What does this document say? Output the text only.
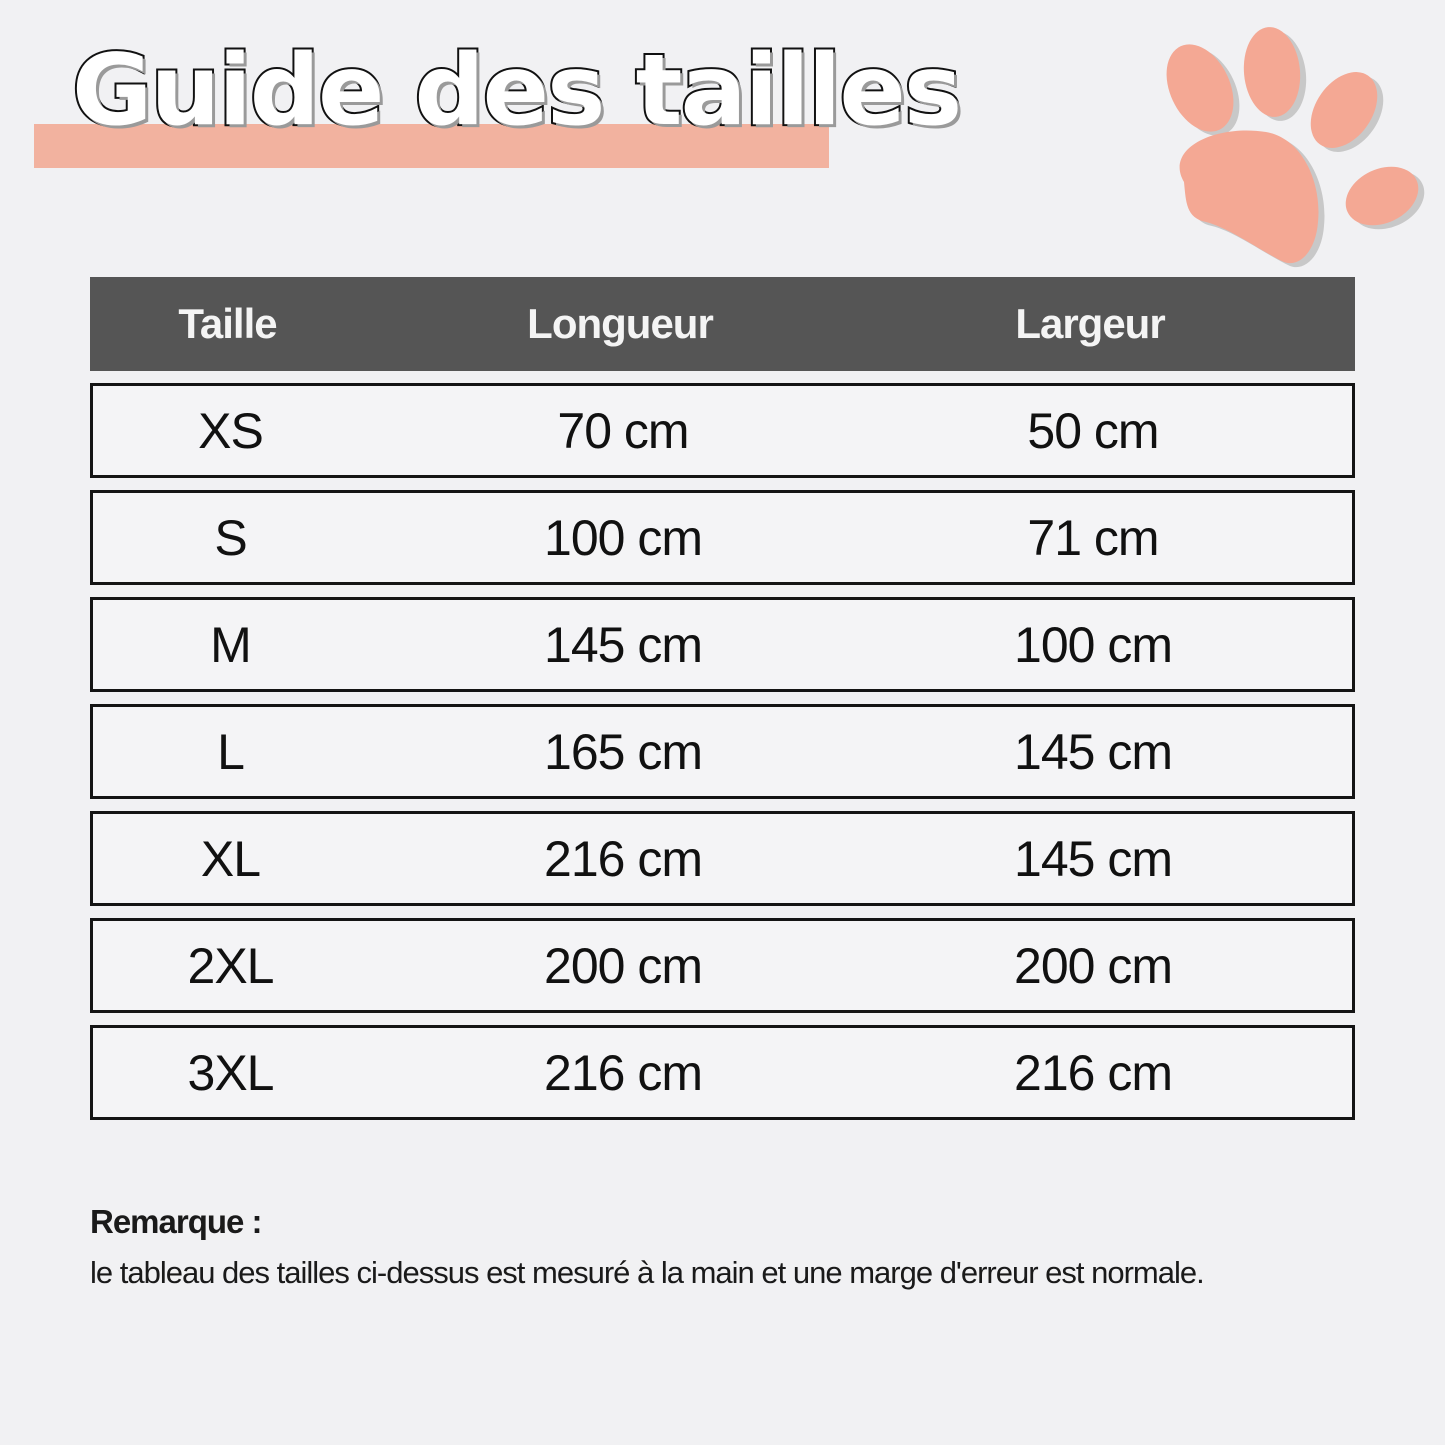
Guide des tailles
Taille	Longueur	Largeur
XS	70 cm	50 cm
S	100 cm	71 cm
M	145 cm	100 cm
L	165 cm	145 cm
XL	216 cm	145 cm
2XL	200 cm	200 cm
3XL	216 cm	216 cm

Remarque :

le tableau des tailles ci-dessus est mesuré à la main et une marge d'erreur est normale.
